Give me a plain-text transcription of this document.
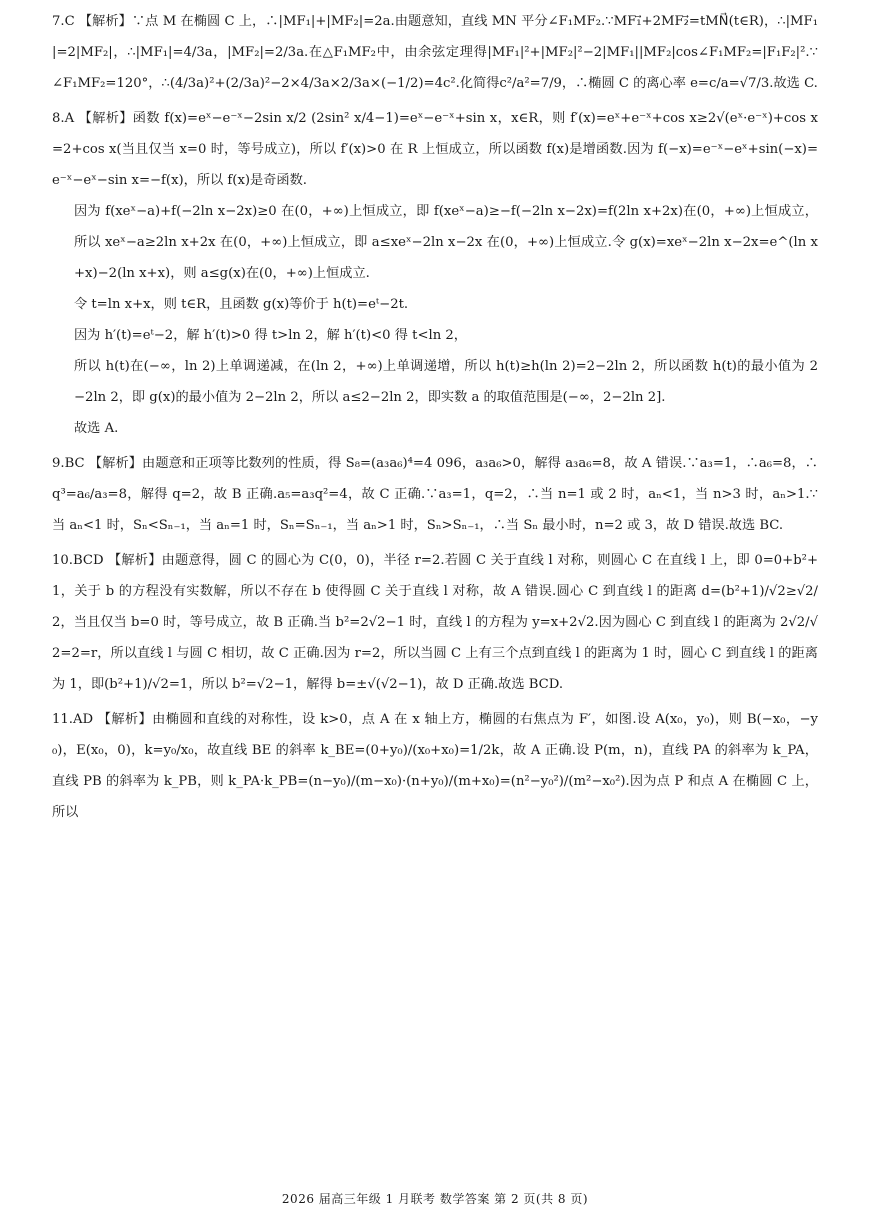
7.C 【解析】∵点 M 在椭圆 C 上，∴|MF₁|+|MF₂|=2a.由题意知，直线 MN 平分∠F₁MF₂.∵MF₁⃗+2MF₂⃗=tMN⃗(t∈R)，∴|MF₁|=2|MF₂|，∴|MF₁|=4/3a，|MF₂|=2/3a.在△F₁MF₂中，由余弦定理得|MF₁|²+|MF₂|²−2|MF₁||MF₂|cos∠F₁MF₂=|F₁F₂|².∵∠F₁MF₂=120°，∴(4/3a)²+(2/3a)²−2×4/3a×2/3a×(−1/2)=4c².化简得c²/a²=7/9，∴椭圆 C 的离心率 e=c/a=√7/3.故选 C.

8.A 【解析】函数 f(x)=eˣ−e⁻ˣ−2sin x/2 (2sin² x/4−1)=eˣ−e⁻ˣ+sin x，x∈R，则 f′(x)=eˣ+e⁻ˣ+cos x≥2√(eˣ·e⁻ˣ)+cos x=2+cos x(当且仅当 x=0 时，等号成立)，所以 f′(x)>0 在 R 上恒成立，所以函数 f(x)是增函数.因为 f(−x)=e⁻ˣ−eˣ+sin(−x)=e⁻ˣ−eˣ−sin x=−f(x)，所以 f(x)是奇函数.

因为 f(xeˣ−a)+f(−2ln x−2x)≥0 在(0，+∞)上恒成立，即 f(xeˣ−a)≥−f(−2ln x−2x)=f(2ln x+2x)在(0，+∞)上恒成立，所以 xeˣ−a≥2ln x+2x 在(0，+∞)上恒成立，即 a≤xeˣ−2ln x−2x 在(0，+∞)上恒成立.令 g(x)=xeˣ−2ln x−2x=e^(ln x+x)−2(ln x+x)，则 a≤g(x)在(0，+∞)上恒成立.

令 t=ln x+x，则 t∈R，且函数 g(x)等价于 h(t)=eᵗ−2t.

因为 h′(t)=eᵗ−2，解 h′(t)>0 得 t>ln 2，解 h′(t)<0 得 t<ln 2，

所以 h(t)在(−∞，ln 2)上单调递减，在(ln 2，+∞)上单调递增，所以 h(t)≥h(ln 2)=2−2ln 2，所以函数 h(t)的最小值为 2−2ln 2，即 g(x)的最小值为 2−2ln 2，所以 a≤2−2ln 2，即实数 a 的取值范围是(−∞，2−2ln 2].

故选 A.

9.BC 【解析】由题意和正项等比数列的性质，得 S₈=(a₃a₆)⁴=4 096，a₃a₆>0，解得 a₃a₆=8，故 A 错误.∵a₃=1，∴a₆=8，∴q³=a₆/a₃=8，解得 q=2，故 B 正确.a₅=a₃q²=4，故 C 正确.∵a₃=1，q=2，∴当 n=1 或 2 时，aₙ<1，当 n>3 时，aₙ>1.∵当 aₙ<1 时，Sₙ<Sₙ₋₁，当 aₙ=1 时，Sₙ=Sₙ₋₁，当 aₙ>1 时，Sₙ>Sₙ₋₁，∴当 Sₙ 最小时，n=2 或 3，故 D 错误.故选 BC.

10.BCD 【解析】由题意得，圆 C 的圆心为 C(0，0)，半径 r=2.若圆 C 关于直线 l 对称，则圆心 C 在直线 l 上，即 0=0+b²+1，关于 b 的方程没有实数解，所以不存在 b 使得圆 C 关于直线 l 对称，故 A 错误.圆心 C 到直线 l 的距离 d=(b²+1)/√2≥√2/2，当且仅当 b=0 时，等号成立，故 B 正确.当 b²=2√2−1 时，直线 l 的方程为 y=x+2√2.因为圆心 C 到直线 l 的距离为 2√2/√2=2=r，所以直线 l 与圆 C 相切，故 C 正确.因为 r=2，所以当圆 C 上有三个点到直线 l 的距离为 1 时，圆心 C 到直线 l 的距离为 1，即(b²+1)/√2=1，所以 b²=√2−1，解得 b=±√(√2−1)，故 D 正确.故选 BCD.

11.AD 【解析】由椭圆和直线的对称性，设 k>0，点 A 在 x 轴上方，椭圆的右焦点为 F′，如图.设 A(x₀，y₀)，则 B(−x₀，−y₀)，E(x₀，0)，k=y₀/x₀，故直线 BE 的斜率 k_BE=(0+y₀)/(x₀+x₀)=1/2k，故 A 正确.设 P(m，n)，直线 PA 的斜率为 k_PA，直线 PB 的斜率为 k_PB，则 k_PA·k_PB=(n−y₀)/(m−x₀)·(n+y₀)/(m+x₀)=(n²−y₀²)/(m²−x₀²).因为点 P 和点 A 在椭圆 C 上，所以

2026 届高三年级 1 月联考 数学答案 第 2 页(共 8 页)
